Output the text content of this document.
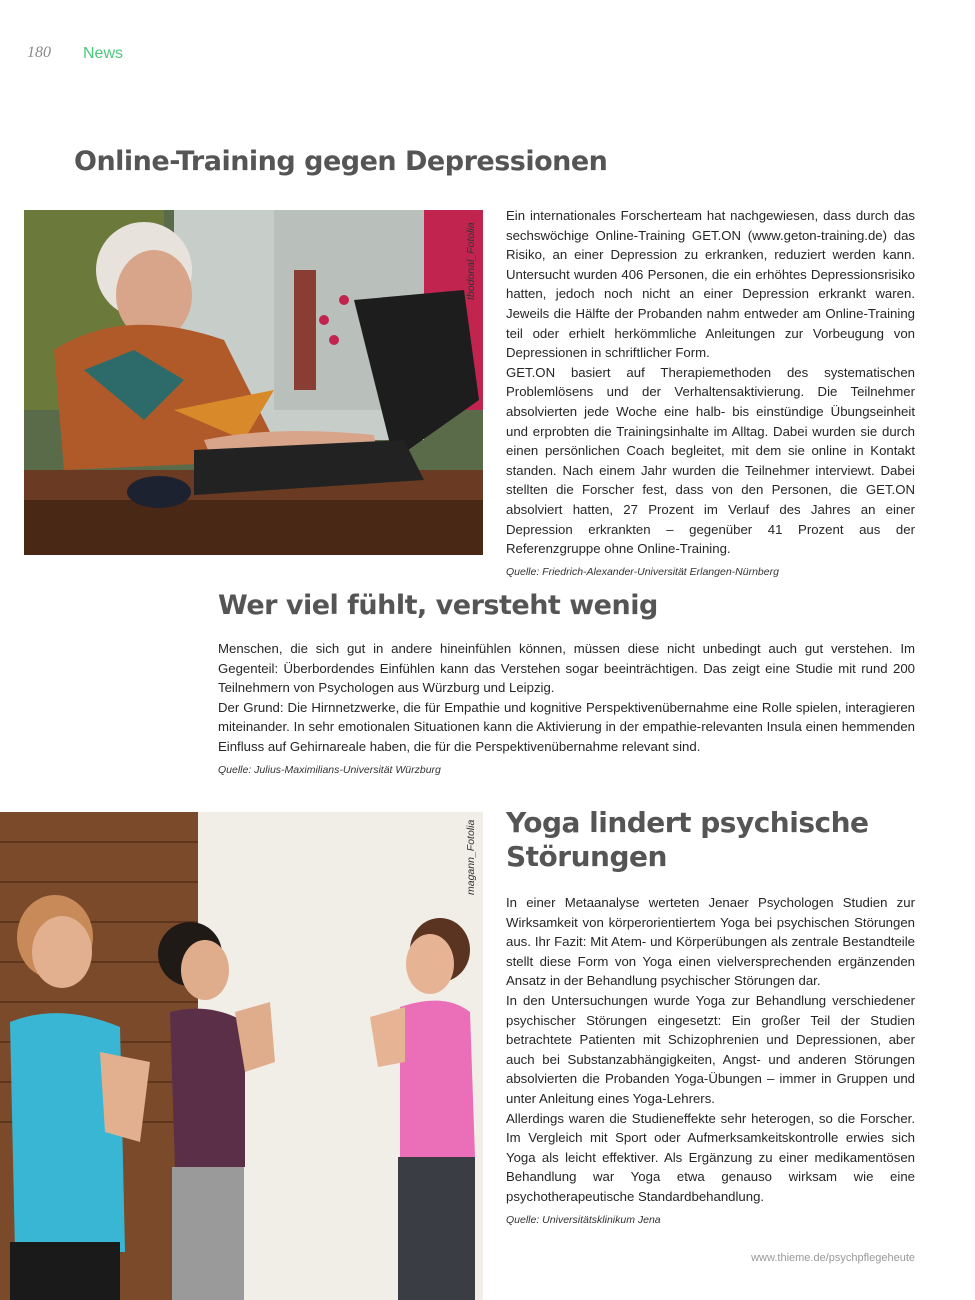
180 News
Online-Training gegen Depressionen
tbodonal_Fotolia

Ein internationales Forscherteam hat nachgewiesen, dass durch das sechswöchige Online-Training GET.ON (www.geton-training.de) das Risiko, an einer Depression zu erkranken, reduziert werden kann. Untersucht wurden 406 Personen, die ein erhöhtes Depressionsrisiko hatten, jedoch noch nicht an einer Depression erkrankt waren. Jeweils die Hälfte der Probanden nahm entweder am Online-Training teil oder erhielt herkömmliche Anleitungen zur Vorbeugung von Depressionen in schriftlicher Form.

GET.ON basiert auf Therapiemethoden des systematischen Problemlösens und der Verhaltensaktivierung. Die Teilnehmer absolvierten jede Woche eine halb- bis einstündige Übungseinheit und erprobten die Trainingsinhalte im Alltag. Dabei wurden sie durch einen persönlichen Coach begleitet, mit dem sie online in Kontakt standen. Nach einem Jahr wurden die Teilnehmer interviewt. Dabei stellten die Forscher fest, dass von den Personen, die GET.ON absolviert hatten, 27 Prozent im Verlauf des Jahres an einer Depression erkrankten – gegenüber 41 Prozent aus der Referenzgruppe ohne Online-Training.

Quelle: Friedrich-Alexander-Universität Erlangen-Nürnberg
Wer viel fühlt, versteht wenig

Menschen, die sich gut in andere hineinfühlen können, müssen diese nicht unbedingt auch gut verstehen. Im Gegenteil: Überbordendes Einfühlen kann das Verstehen sogar beeinträchtigen. Das zeigt eine Studie mit rund 200 Teilnehmern von Psychologen aus Würzburg und Leipzig.

Der Grund: Die Hirnnetzwerke, die für Empathie und kognitive Perspektivenübernahme eine Rolle spielen, interagieren miteinander. In sehr emotionalen Situationen kann die Aktivierung in der empathie-relevanten Insula einen hemmenden Einfluss auf Gehirnareale haben, die für die Perspektivenübernahme relevant sind.

Quelle: Julius-Maximilians-Universität Würzburg
magann_Fotolia Yoga lindert psychische
Störungen

In einer Metaanalyse werteten Jenaer Psychologen Studien zur Wirksamkeit von körperorientiertem Yoga bei psychischen Störungen aus. Ihr Fazit: Mit Atem- und Körperübungen als zentrale Bestandteile stellt diese Form von Yoga einen vielversprechenden ergänzenden Ansatz in der Behandlung psychischer Störungen dar.

In den Untersuchungen wurde Yoga zur Behandlung verschiedener psychischer Störungen eingesetzt: Ein großer Teil der Studien betrachtete Patienten mit Schizophrenien und Depressionen, aber auch bei Substanzabhängigkeiten, Angst- und anderen Störungen absolvierten die Probanden Yoga-Übungen – immer in Gruppen und unter Anleitung eines Yoga-Lehrers.

Allerdings waren die Studieneffekte sehr heterogen, so die Forscher. Im Vergleich mit Sport oder Aufmerksamkeitskontrolle erwies sich Yoga als leicht effektiver. Als Ergänzung zu einer medikamentösen Behandlung war Yoga etwa genauso wirksam wie eine psychotherapeutische Standardbehandlung.

Quelle: Universitätsklinikum Jena
www.thieme.de/psychpflegeheute
